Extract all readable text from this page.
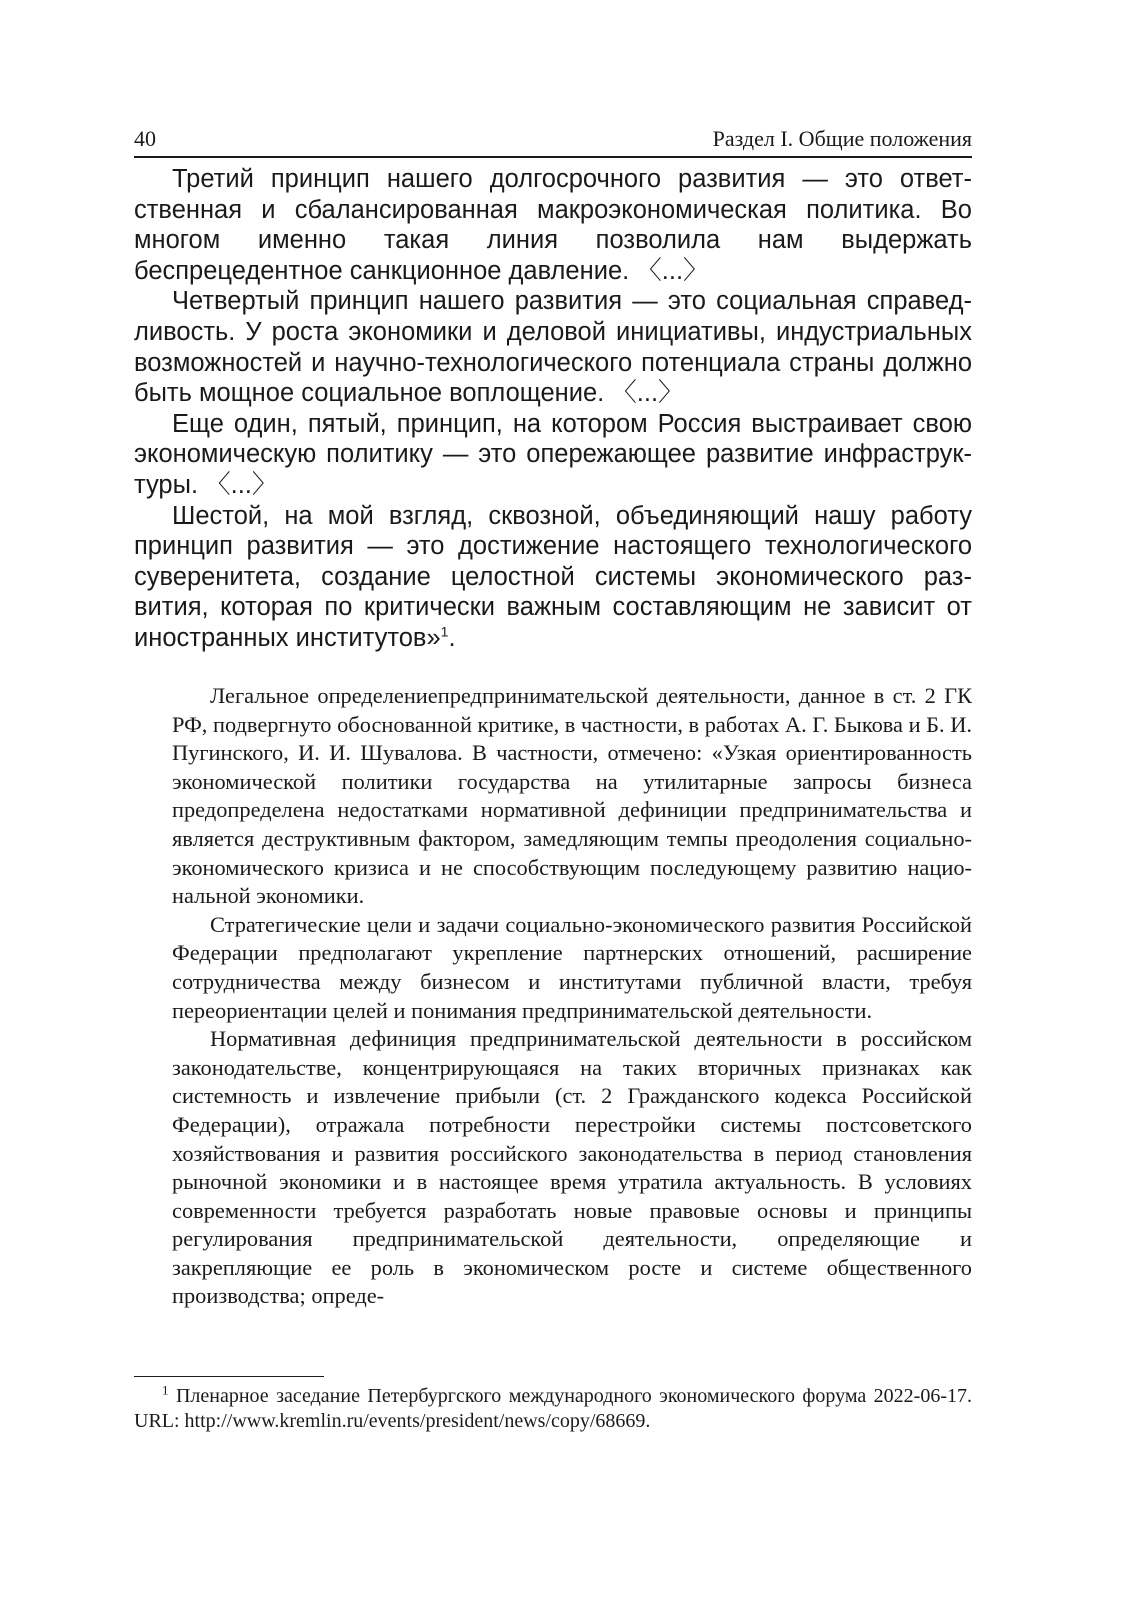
40	Раздел I. Общие положения

Третий принцип нашего долгосрочного развития — это ответственная и сбалансированная макроэкономическая политика. Во многом именно такая линия позволила нам выдержать беспрецедентное санкционное давление. 〈...〉

Четвертый принцип нашего развития — это социальная справедливость. У роста экономики и деловой инициативы, индустриальных возможностей и научно-технологического потенциала страны должно быть мощное социальное воплощение. 〈...〉

Еще один, пятый, принцип, на котором Россия выстраивает свою экономическую политику — это опережающее развитие инфраструктуры. 〈...〉

Шестой, на мой взгляд, сквозной, объединяющий нашу работу принцип развития — это достижение настоящего технологического суверенитета, создание целостной системы экономического развития, которая по критически важным составляющим не зависит от иностранных институтов»$^1$.

Легальное определениепредпринимательской деятельности, данное в ст. 2 ГК РФ, подвергнуто обоснованной критике, в частности, в работах А. Г. Быкова и Б. И. Пугинского, И. И. Шувалова. В частности, отмечено: «Узкая ориентированность экономической политики государства на утилитарные запросы бизнеса предопределена недостатками нормативной дефиниции предпринимательства и является деструктивным фактором, замедляющим темпы преодоления социально-экономического кризиса и не способствующим последующему развитию национальной экономики.

Стратегические цели и задачи социально-экономического развития Российской Федерации предполагают укрепление партнерских отношений, расширение сотрудничества между бизнесом и институтами публичной власти, требуя переориентации целей и понимания предпринимательской деятельности.

Нормативная дефиниция предпринимательской деятельности в российском законодательстве, концентрирующаяся на таких вторичных признаках как системность и извлечение прибыли (ст. 2 Гражданского кодекса Российской Федерации), отражала потребности перестройки системы постсоветского хозяйствования и развития российского законодательства в период становления рыночной экономики и в настоящее время утратила актуальность. В условиях современности требуется разработать новые правовые основы и принципы регулирования предпринимательской деятельности, определяющие и закрепляющие ее роль в экономическом росте и системе общественного производства; опреде-

$^1$ Пленарное заседание Петербургского международного экономического форума 2022-06-17. URL: http://www.kremlin.ru/events/president/news/copy/68669.
